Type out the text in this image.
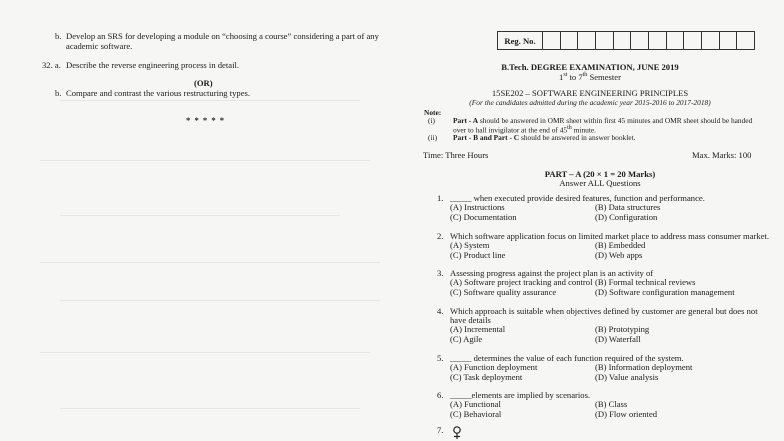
b. Develop an SRS for developing a module on “choosing a course” considering a part of any
academic software.
32. a. Describe the reverse engineering process in detail.
(OR)
b. Compare and contrast the various restructuring types.
* * * * *
Reg. No.
B.Tech. DEGREE EXAMINATION, JUNE 2019
1st to 7th Semester
15SE202 – SOFTWARE ENGINEERING PRINCIPLES
(For the candidates admitted during the academic year 2015-2016 to 2017-2018)
Note:
(i) Part - A should be answered in OMR sheet within first 45 minutes and OMR sheet should be handed
over to hall invigilator at the end of 45th minute.
(ii) Part - B and Part - C should be answered in answer booklet.
Time: Three Hours	Max. Marks: 100
PART – A (20 × 1 = 20 Marks)
Answer ALL Questions
1. _____ when executed provide desired features, function and performance.
(A) Instructions	(B) Data structures
(C) Documentation	(D) Configuration
2. Which software application focus on limited market place to address mass consumer market.
(A) System	(B) Embedded
(C) Product line	(D) Web apps
3. Assessing progress against the project plan is an activity of
(A) Software project tracking and control (B) Formal technical reviews
(C) Software quality assurance	(D) Software configuration management
4. Which approach is suitable when objectives defined by customer are general but does not
have details
(A) Incremental	(B) Prototyping
(C) Agile	(D) Waterfall
5. _____ determines the value of each function required of the system.
(A) Function deployment	(B) Information deployment
(C) Task deployment	(D) Value analysis
6. _____elements are implied by scenarios.
(A) Functional	(B) Class
(C) Behavioral	(D) Flow oriented
7.
